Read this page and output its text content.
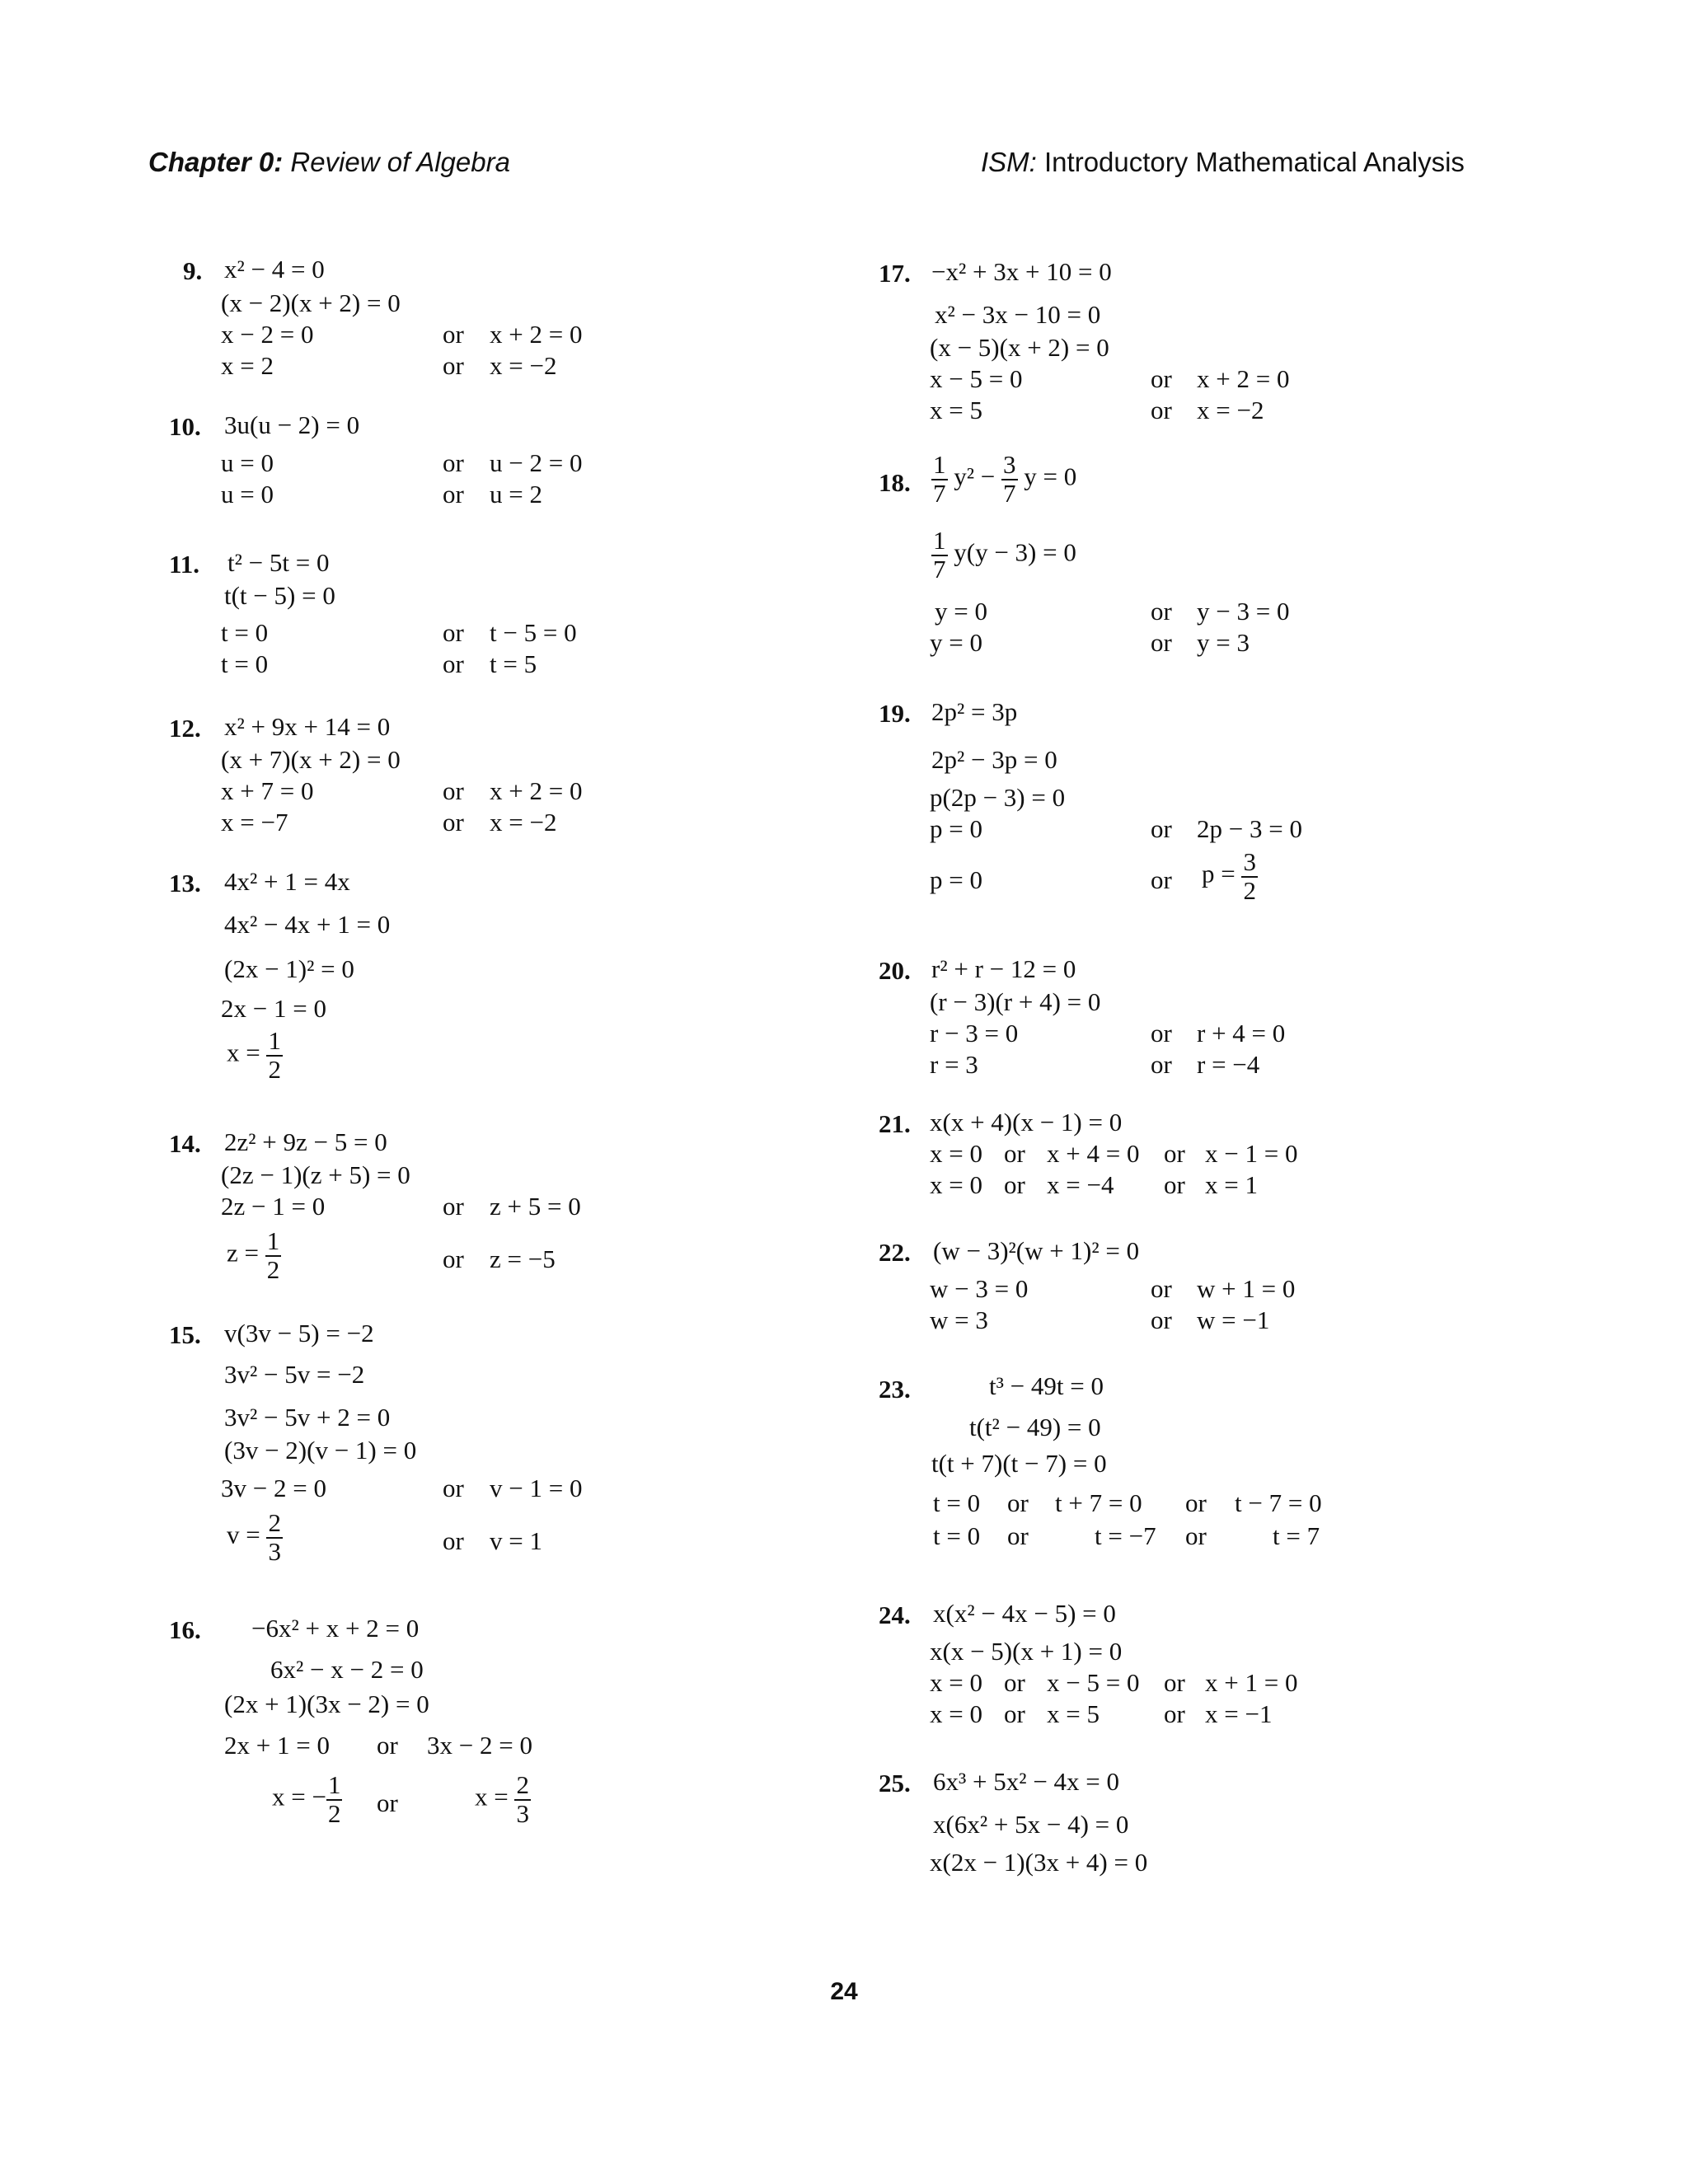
Chapter 0: Review of Algebra	ISM: Introductory Mathematical Analysis
9. x² − 4 = 0
(x − 2)(x + 2) = 0
x − 2 = 0	or x + 2 = 0
x = 2	or x = −2
10. 3u(u − 2) = 0
u = 0	or u − 2 = 0
u = 0	or u = 2
11. t² − 5t = 0
t(t − 5) = 0
t = 0	or t − 5 = 0
t = 0	or t = 5
12. x² + 9x + 14 = 0
(x + 7)(x + 2) = 0
x + 7 = 0	or x + 2 = 0
x = −7	or x = −2
13. 4x² + 1 = 4x
4x² − 4x + 1 = 0
(2x − 1)² = 0
2x − 1 = 0
$x = \frac{1}{2}$
14. 2z² + 9z − 5 = 0
(2z − 1)(z + 5) = 0
2z − 1 = 0	or z + 5 = 0
$z = \frac{1}{2}$	or z = −5
15. v(3v − 5) = −2
3v² − 5v = −2
3v² − 5v + 2 = 0
(3v − 2)(v − 1) = 0
3v − 2 = 0	or v − 1 = 0
$v = \frac{2}{3}$	or v = 1
16. −6x² + x + 2 = 0
6x² − x − 2 = 0
(2x + 1)(3x − 2) = 0
2x + 1 = 0 or 3x − 2 = 0
x = − $\frac{1}{2}$ or	$x = \frac{2}{3}$
17. −x² + 3x + 10 = 0
x² − 3x − 10 = 0
(x − 5)(x + 2) = 0
x − 5 = 0	or x + 2 = 0
x = 5	or x = −2
18. $\frac{1}{7} y^2 - \frac{3}{7}$ y = 0
$\frac{1}{7} y(y - 3) = 0$
y = 0	or y − 3 = 0
y = 0	or y = 3
19. 2p² = 3p
2p² − 3p = 0
p(2p − 3) = 0
p = 0	or 2p − 3 = 0
p = 0	or $p = \frac{3}{2}$
20. r² + r − 12 = 0
(r − 3)(r + 4) = 0
r − 3 = 0	or r + 4 = 0
r = 3	or r = −4
21. x(x + 4)(x − 1) = 0
x = 0 or x + 4 = 0 or x − 1 = 0
x = 0 or x = −4 or x = 1
22. (w − 3)²(w + 1)² = 0
w − 3 = 0	or w + 1 = 0
w = 3	or w = −1
23.	t³ − 49t = 0
t(t² − 49) = 0
t(t + 7)(t − 7) = 0
t = 0 or t + 7 = 0 or t − 7 = 0
t = 0 or	t = −7 or	t = 7
24. x(x² − 4x − 5) = 0
x(x − 5)(x + 1) = 0
x = 0 or x − 5 = 0 or x + 1 = 0
x = 0 or x = 5	or x = −1
25. 6x³ + 5x² − 4x = 0
x(6x² + 5x − 4) = 0
x(2x − 1)(3x + 4) = 0
24
